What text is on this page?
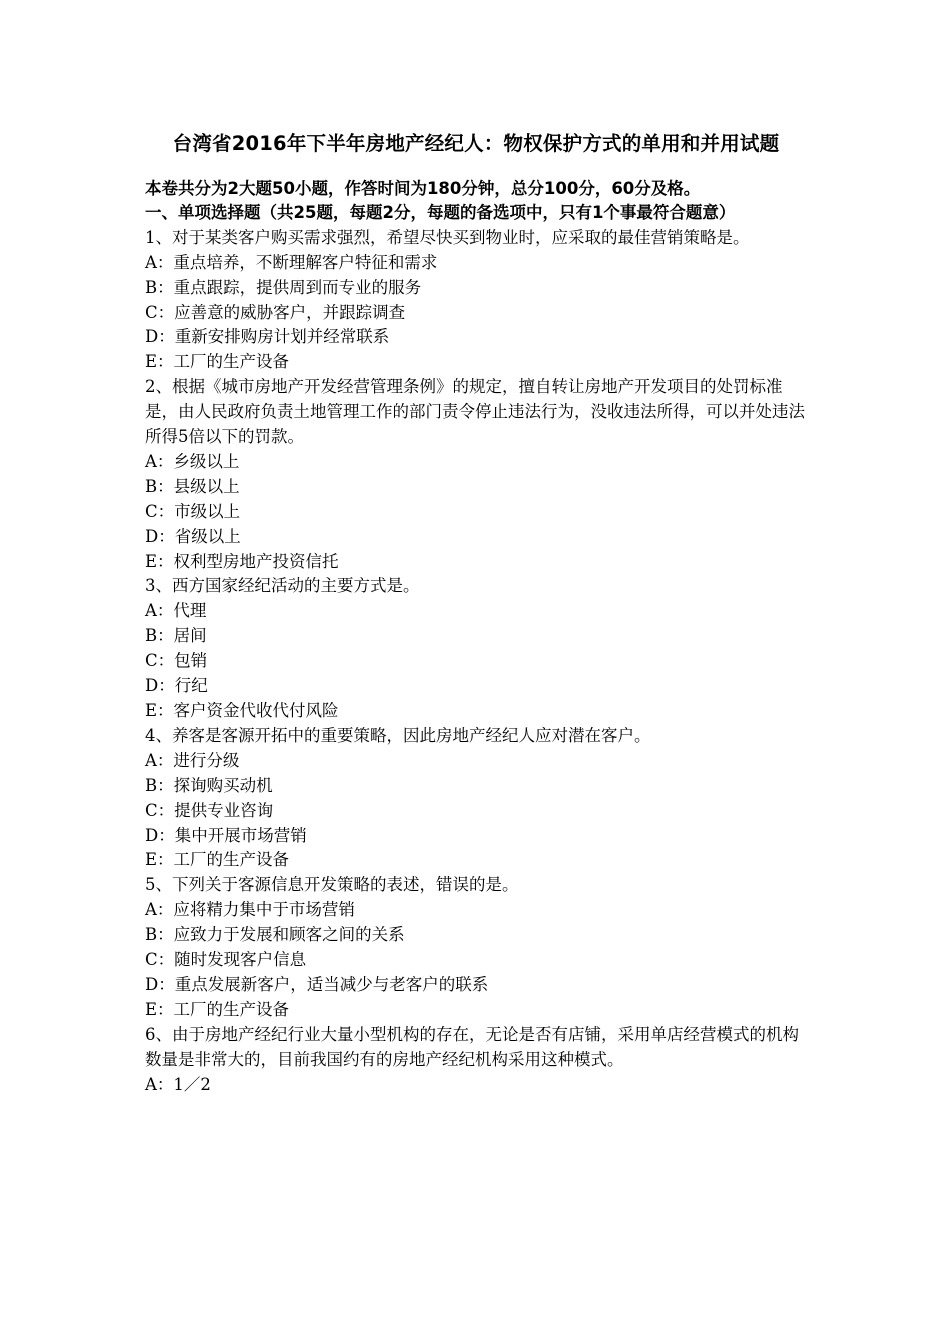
台湾省2016年下半年房地产经纪人：物权保护方式的单用和并用试题

本卷共分为2大题50小题，作答时间为180分钟，总分100分，60分及格。

一、单项选择题（共25题，每题2分，每题的备选项中，只有1个事最符合题意）

1、对于某类客户购买需求强烈，希望尽快买到物业时，应采取的最佳营销策略是。

A：重点培养，不断理解客户特征和需求

B：重点跟踪，提供周到而专业的服务

C：应善意的威胁客户，并跟踪调查

D：重新安排购房计划并经常联系

E：工厂的生产设备

2、根据《城市房地产开发经营管理条例》的规定，擅自转让房地产开发项目的处罚标准是，由人民政府负责土地管理工作的部门责令停止违法行为，没收违法所得，可以并处违法所得5倍以下的罚款。

A：乡级以上

B：县级以上

C：市级以上

D：省级以上

E：权利型房地产投资信托

3、西方国家经纪活动的主要方式是。

A：代理

B：居间

C：包销

D：行纪

E：客户资金代收代付风险

4、养客是客源开拓中的重要策略，因此房地产经纪人应对潜在客户。

A：进行分级

B：探询购买动机

C：提供专业咨询

D：集中开展市场营销

E：工厂的生产设备

5、下列关于客源信息开发策略的表述，错误的是。

A：应将精力集中于市场营销

B：应致力于发展和顾客之间的关系

C：随时发现客户信息

D：重点发展新客户，适当减少与老客户的联系

E：工厂的生产设备

6、由于房地产经纪行业大量小型机构的存在，无论是否有店铺，采用单店经营模式的机构数量是非常大的，目前我国约有的房地产经纪机构采用这种模式。

A：1／2
